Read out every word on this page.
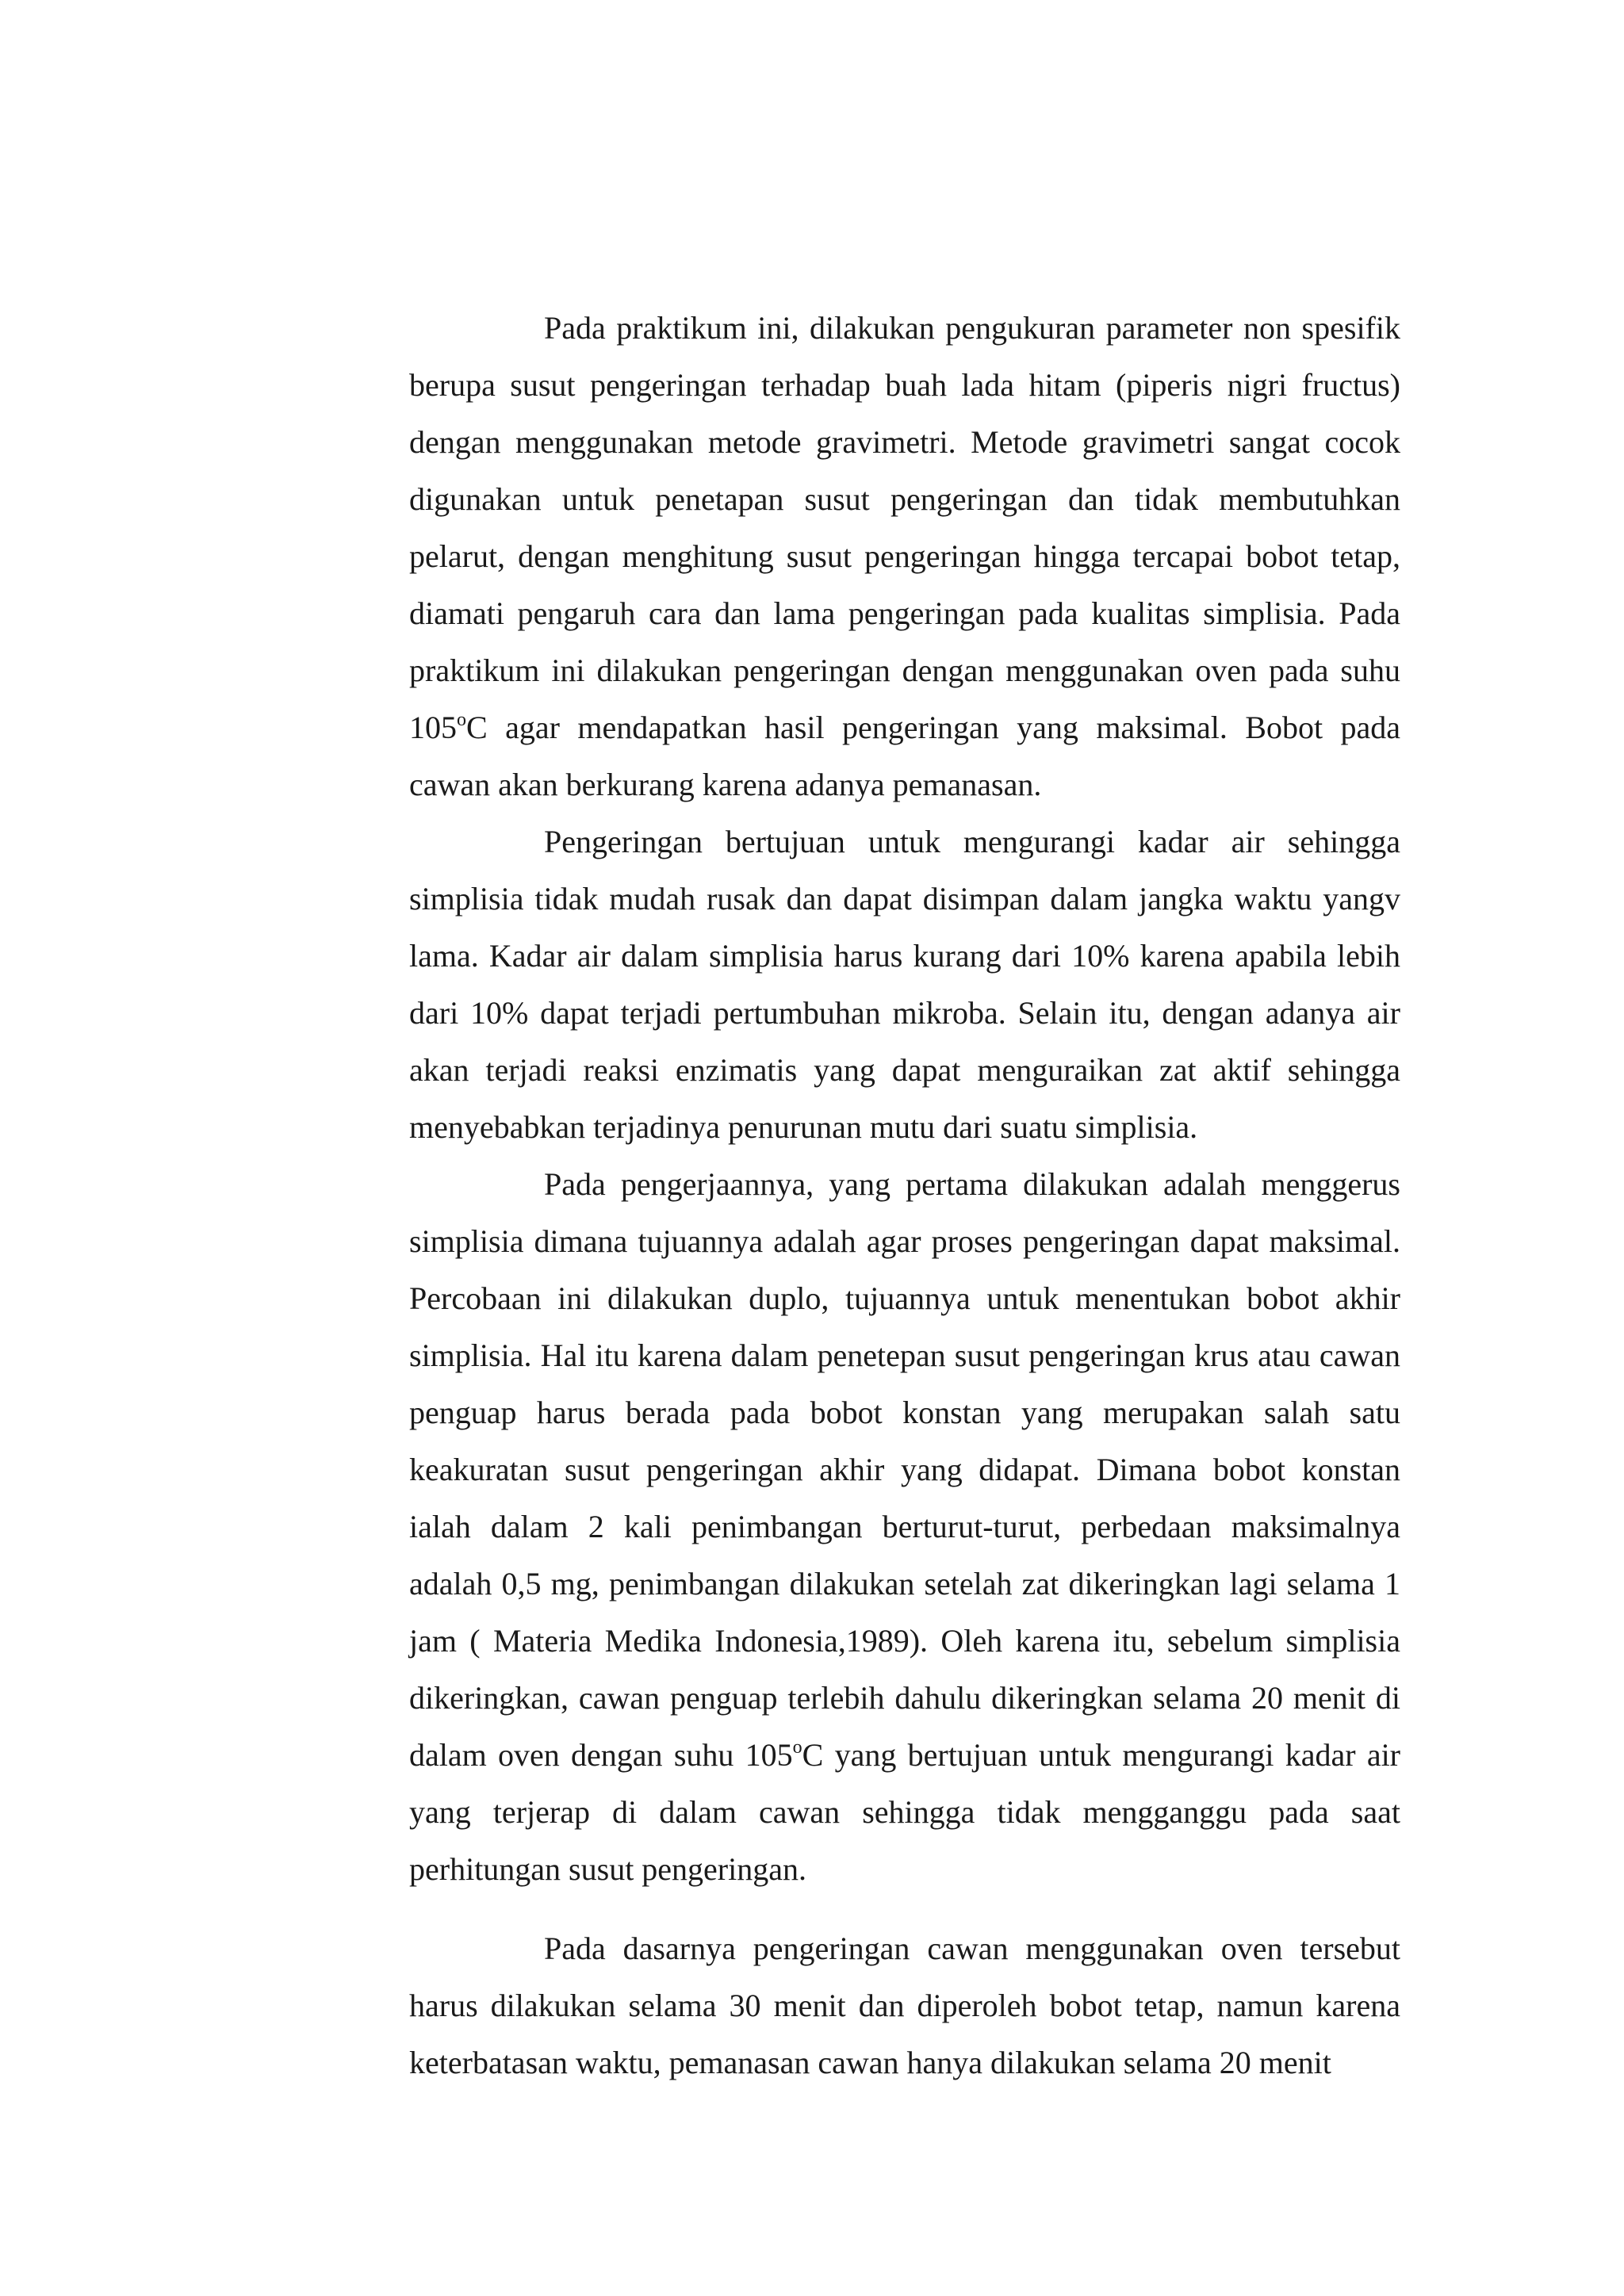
Pada praktikum ini, dilakukan pengukuran parameter non spesifik berupa susut pengeringan terhadap buah lada hitam (piperis nigri fructus) dengan menggunakan metode gravimetri. Metode gravimetri sangat cocok digunakan untuk penetapan susut pengeringan dan tidak membutuhkan pelarut, dengan menghitung susut pengeringan hingga tercapai bobot tetap, diamati pengaruh cara dan lama pengeringan pada kualitas simplisia. Pada praktikum ini dilakukan pengeringan dengan menggunakan oven pada suhu 105$^o$C agar mendapatkan hasil pengeringan yang maksimal. Bobot pada cawan akan berkurang karena adanya pemanasan.

Pengeringan bertujuan untuk mengurangi kadar air sehingga simplisia tidak mudah rusak dan dapat disimpan dalam jangka waktu yangv lama. Kadar air dalam simplisia harus kurang dari 10% karena apabila lebih dari 10% dapat terjadi pertumbuhan mikroba. Selain itu, dengan adanya air akan terjadi reaksi enzimatis yang dapat menguraikan zat aktif sehingga menyebabkan terjadinya penurunan mutu dari suatu simplisia.

Pada pengerjaannya, yang pertama dilakukan adalah menggerus simplisia dimana tujuannya adalah agar proses pengeringan dapat maksimal. Percobaan ini dilakukan duplo, tujuannya untuk menentukan bobot akhir simplisia. Hal itu karena dalam penetepan susut pengeringan krus atau cawan penguap harus berada pada bobot konstan yang merupakan salah satu keakuratan susut pengeringan akhir yang didapat. Dimana bobot konstan ialah dalam 2 kali penimbangan berturut-turut, perbedaan maksimalnya adalah 0,5 mg, penimbangan dilakukan setelah zat dikeringkan lagi selama 1 jam ( Materia Medika Indonesia,1989). Oleh karena itu, sebelum simplisia dikeringkan, cawan penguap terlebih dahulu dikeringkan selama 20 menit di dalam oven dengan suhu 105$^o$C yang bertujuan untuk mengurangi kadar air yang terjerap di dalam cawan sehingga tidak mengganggu pada saat perhitungan susut pengeringan.

Pada dasarnya pengeringan cawan menggunakan oven tersebut harus dilakukan selama 30 menit dan diperoleh bobot tetap, namun karena keterbatasan waktu, pemanasan cawan hanya dilakukan selama 20 menit
